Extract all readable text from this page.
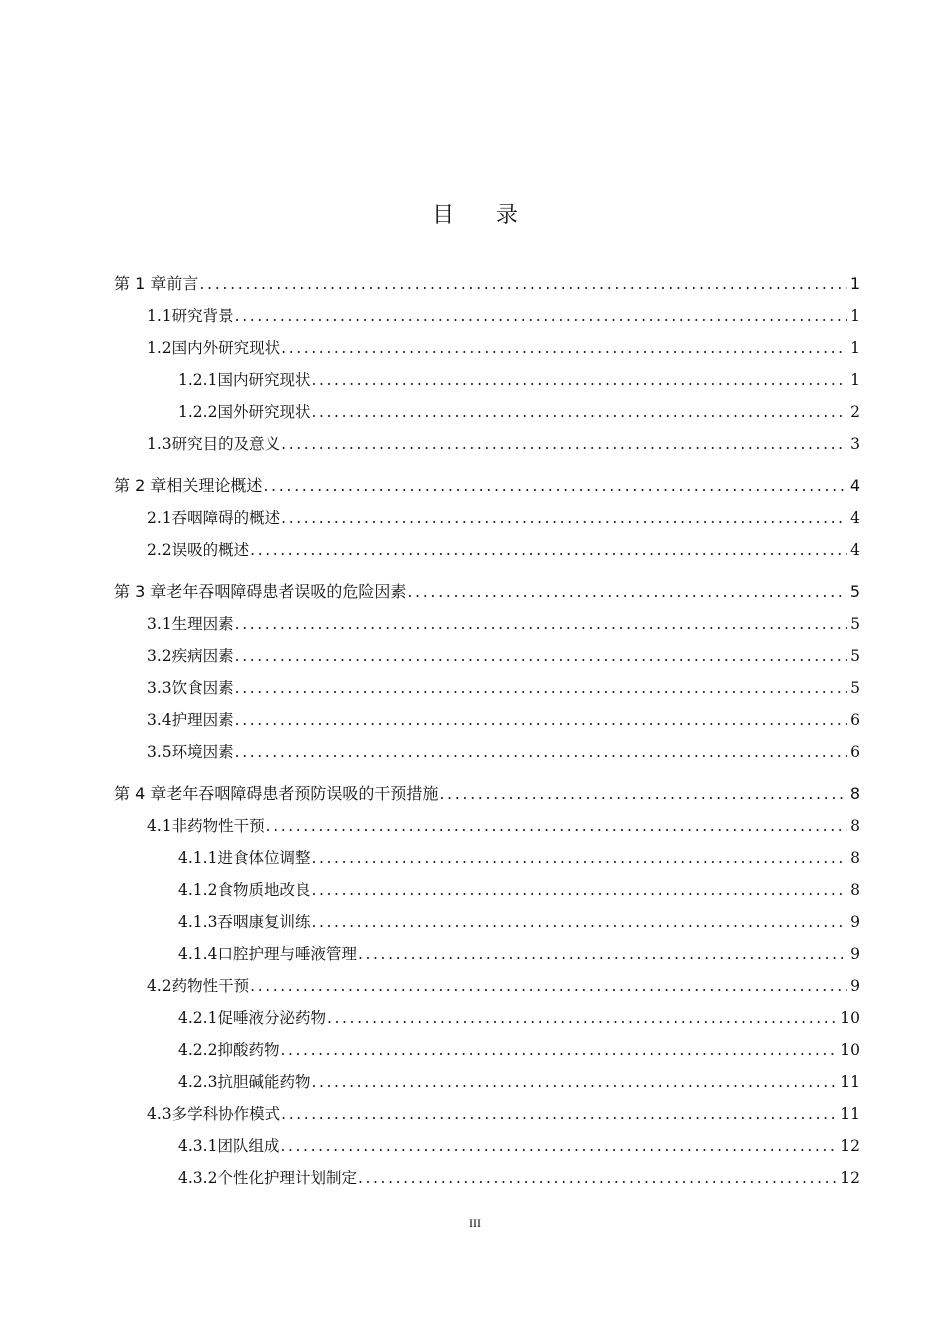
目录
第 1 章 前言 .....	1
1.1 研究背景 .....	1
1.2 国内外研究现状 .....	1
1.2.1 国内研究现状 .....	1
1.2.2 国外研究现状 .....	2
1.3 研究目的及意义 .....	3
第 2 章 相关理论概述 .....	4
2.1 吞咽障碍的概述 .....	4
2.2 误吸的概述 .....	4
第 3 章 老年吞咽障碍患者误吸的危险因素 .....	5
3.1 生理因素 .....	5
3.2 疾病因素 .....	5
3.3 饮食因素 .....	5
3.4 护理因素 .....	6
3.5 环境因素 .....	6
第 4 章 老年吞咽障碍患者预防误吸的干预措施 .....	8
4.1 非药物性干预 .....	8
4.1.1 进食体位调整 .....	8
4.1.2 食物质地改良 .....	8
4.1.3 吞咽康复训练 .....	9
4.1.4 口腔护理与唾液管理 .....	9
4.2 药物性干预 .....	9
4.2.1 促唾液分泌药物 .....	10
4.2.2 抑酸药物 .....	10
4.2.3 抗胆碱能药物 .....	11
4.3 多学科协作模式 .....	11
4.3.1 团队组成 .....	12
4.3.2 个性化护理计划制定 .....	12
III
